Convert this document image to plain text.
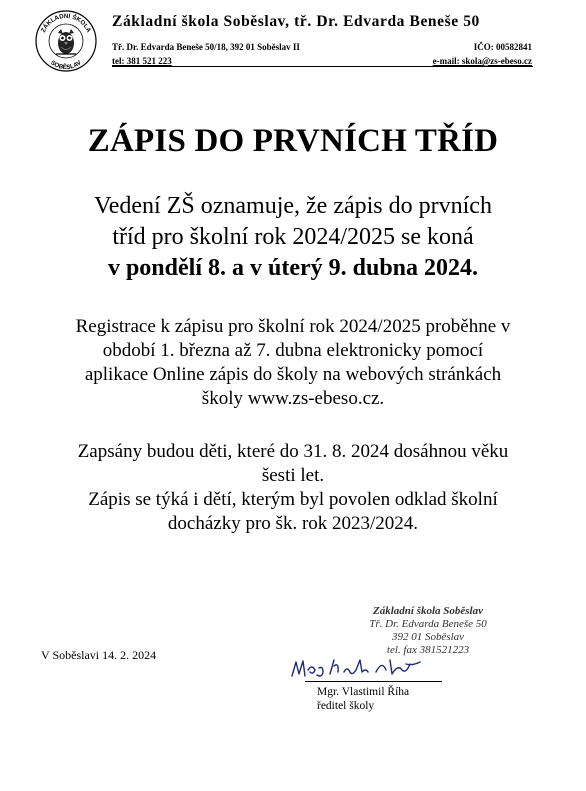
ZÁKLADNÍ ŠKOLA
SOBĚSLAV
Základní škola Soběslav, tř. Dr. Edvarda Beneše 50
Tř. Dr. Edvarda Beneše 50/18, 392 01 Soběslav II	IČO: 00582841
tel: 381 521 223	e-mail: skola@zs-ebeso.cz
ZÁPIS DO PRVNÍCH TŘÍD
Vedení ZŠ oznamuje, že zápis do prvních
tříd pro školní rok 2024/2025 se koná
v pondělí 8. a v úterý 9. dubna 2024.
Registrace k zápisu pro školní rok 2024/2025 proběhne v
období 1. března až 7. dubna elektronicky pomocí
aplikace Online zápis do školy na webových stránkách
školy www.zs-ebeso.cz.
Zapsány budou děti, které do 31. 8. 2024 dosáhnou věku
šesti let.
Zápis se týká i dětí, kterým byl povolen odklad školní
docházky pro šk. rok 2023/2024.
V Soběslavi 14. 2. 2024
Základní škola Soběslav
Tř. Dr. Edvarda Beneše 50
392 01 Soběslav
tel. fax 381521223
Mgr. Vlastimil Říha
ředitel školy
